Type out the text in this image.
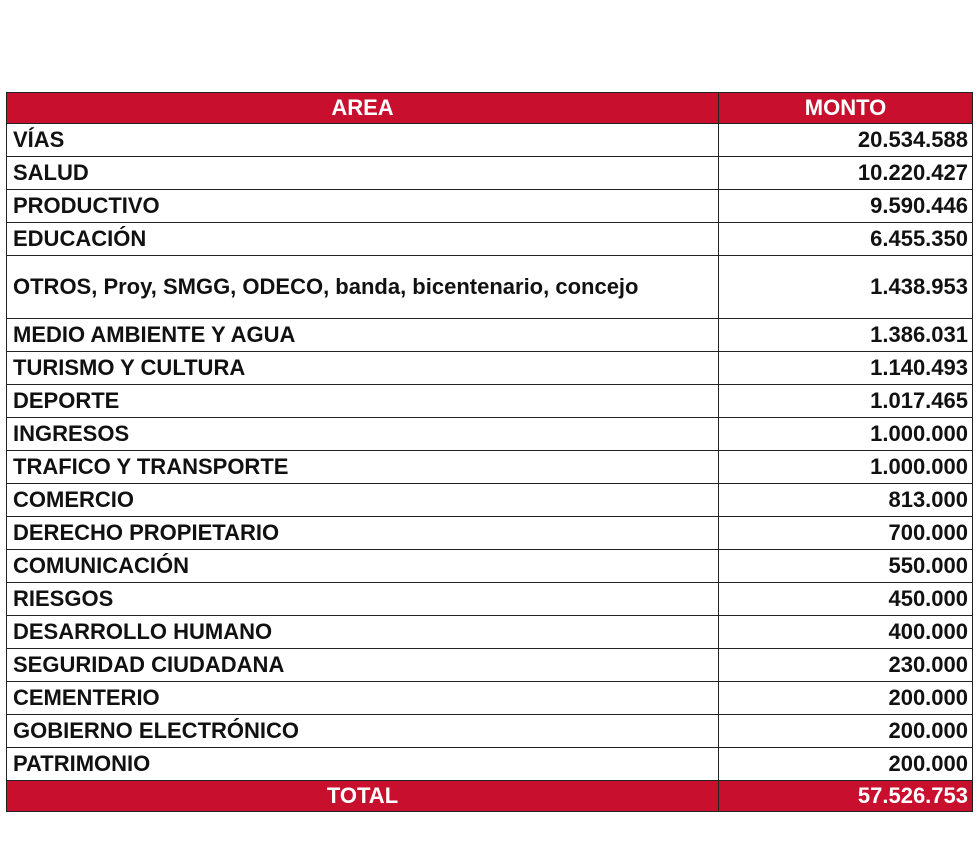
AREA	MONTO
VÍAS	20.534.588
SALUD	10.220.427
PRODUCTIVO	9.590.446
EDUCACIÓN	6.455.350
OTROS, Proy, SMGG, ODECO, banda, bicentenario, concejo	1.438.953
MEDIO AMBIENTE Y AGUA	1.386.031
TURISMO Y CULTURA	1.140.493
DEPORTE	1.017.465
INGRESOS	1.000.000
TRAFICO Y TRANSPORTE	1.000.000
COMERCIO	813.000
DERECHO PROPIETARIO	700.000
COMUNICACIÓN	550.000
RIESGOS	450.000
DESARROLLO HUMANO	400.000
SEGURIDAD CIUDADANA	230.000
CEMENTERIO	200.000
GOBIERNO ELECTRÓNICO	200.000
PATRIMONIO	200.000
TOTAL	57.526.753
